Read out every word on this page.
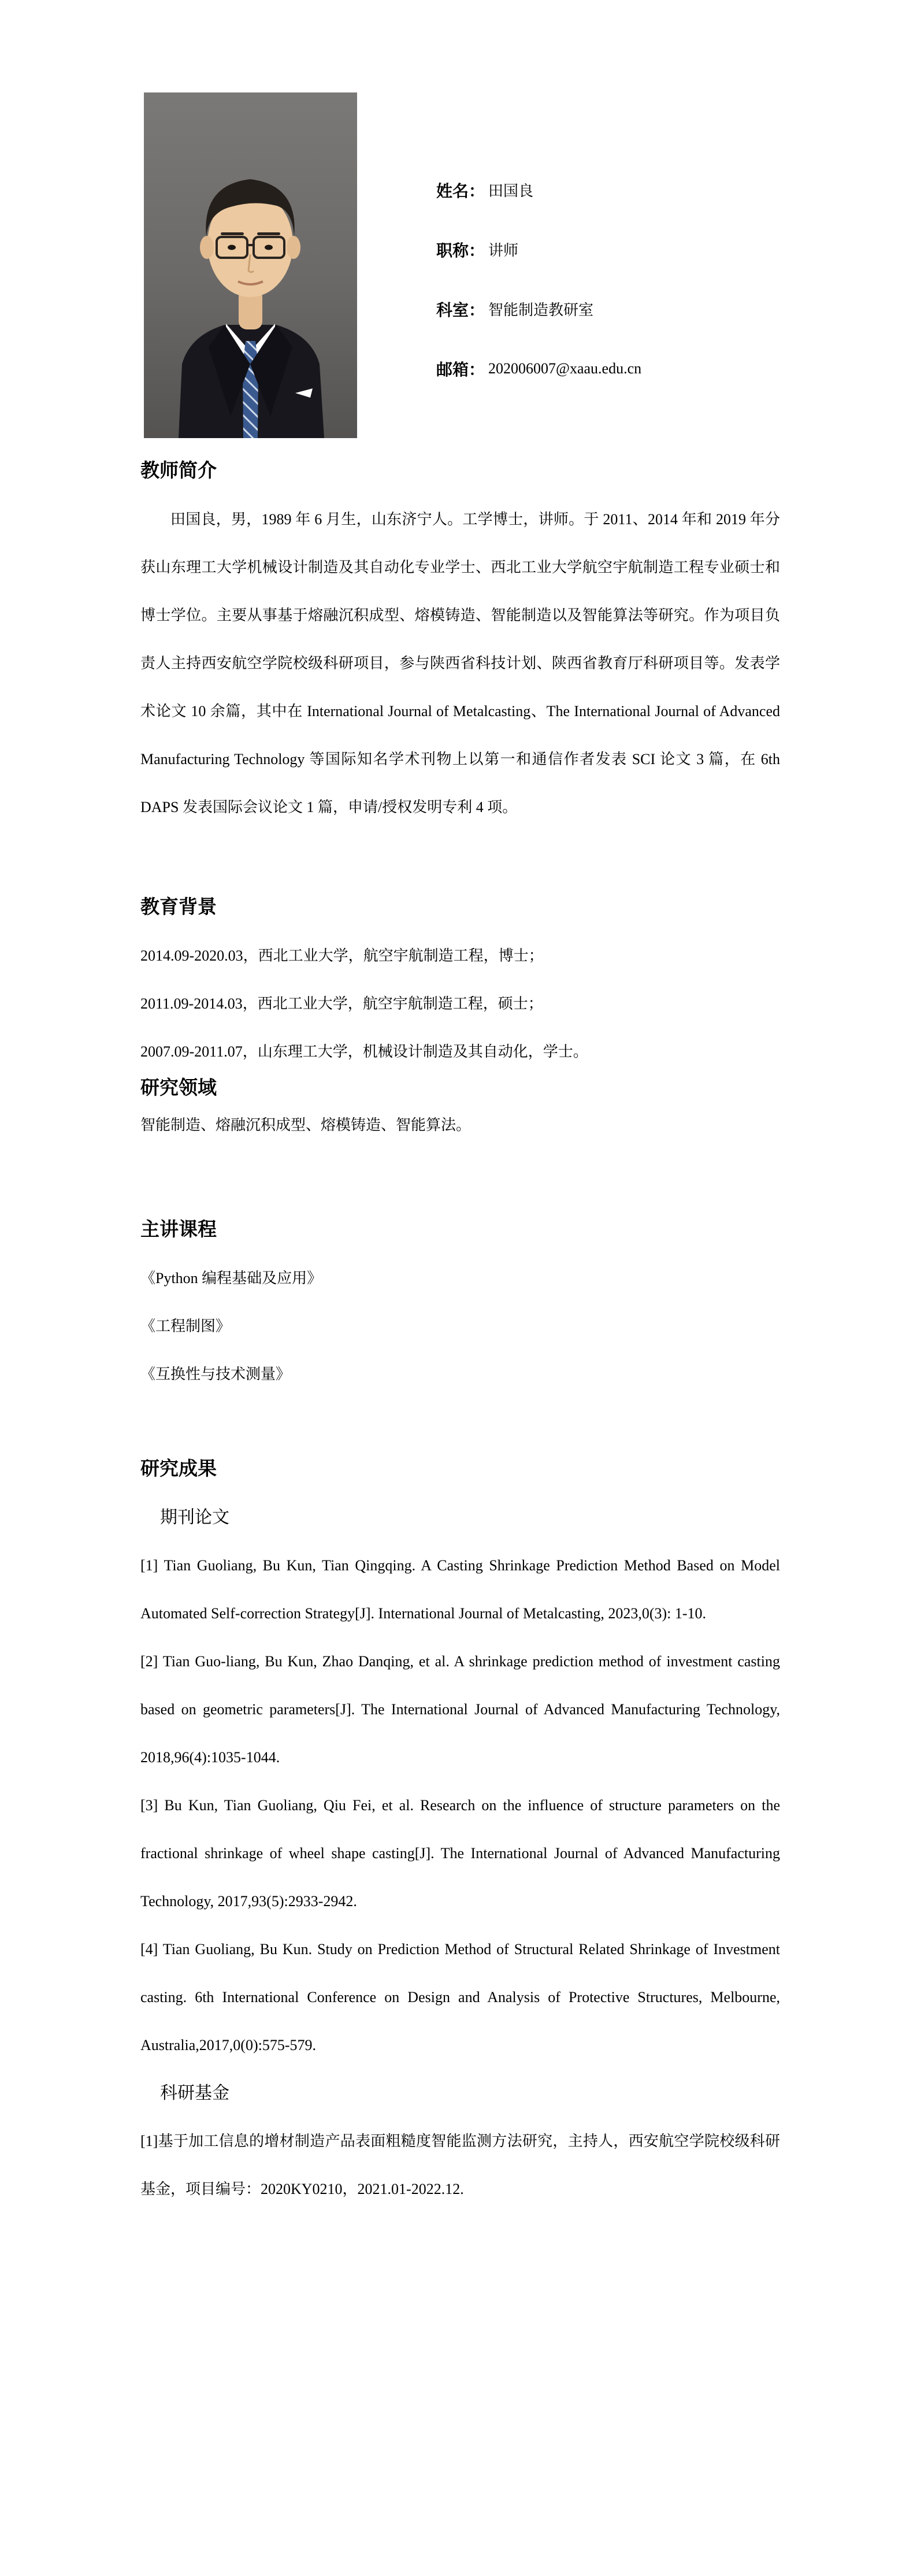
姓名： 田国良
职称： 讲师
科室： 智能制造教研室
邮箱： 202006007@xaau.edu.cn
教师简介

田国良，男，1989 年 6 月生，山东济宁人。工学博士，讲师。于 2011、2014 年和 2019 年分获山东理工大学机械设计制造及其自动化专业学士、西北工业大学航空宇航制造工程专业硕士和博士学位。主要从事基于熔融沉积成型、熔模铸造、智能制造以及智能算法等研究。作为项目负责人主持西安航空学院校级科研项目，参与陕西省科技计划、陕西省教育厅科研项目等。发表学术论文 10 余篇，其中在 International Journal of Metalcasting、The International Journal of Advanced Manufacturing Technology 等国际知名学术刊物上以第一和通信作者发表 SCI 论文 3 篇，在 6th DAPS 发表国际会议论文 1 篇，申请/授权发明专利 4 项。

教育背景
2014.09-2020.03，西北工业大学，航空宇航制造工程，博士；
2011.09-2014.03，西北工业大学，航空宇航制造工程，硕士；
2007.09-2011.07，山东理工大学，机械设计制造及其自动化，学士。
研究领域
智能制造、熔融沉积成型、熔模铸造、智能算法。
主讲课程
《Python 编程基础及应用》
《工程制图》
《互换性与技术测量》
研究成果
期刊论文

[1] Tian Guoliang, Bu Kun, Tian Qingqing. A Casting Shrinkage Prediction Method Based on Model Automated Self-correction Strategy[J]. International Journal of Metalcasting, 2023,0(3): 1-10.

[2] Tian Guo-liang, Bu Kun, Zhao Danqing, et al. A shrinkage prediction method of investment casting based on geometric parameters[J]. The International Journal of Advanced Manufacturing Technology, 2018,96(4):1035-1044.

[3] Bu Kun, Tian Guoliang, Qiu Fei, et al. Research on the influence of structure parameters on the fractional shrinkage of wheel shape casting[J]. The International Journal of Advanced Manufacturing Technology, 2017,93(5):2933-2942.

[4] Tian Guoliang, Bu Kun. Study on Prediction Method of Structural Related Shrinkage of Investment casting. 6th International Conference on Design and Analysis of Protective Structures, Melbourne, Australia,2017,0(0):575-579.

科研基金

[1]基于加工信息的增材制造产品表面粗糙度智能监测方法研究，主持人，西安航空学院校级科研基金，项目编号：2020KY0210，2021.01-2022.12.
